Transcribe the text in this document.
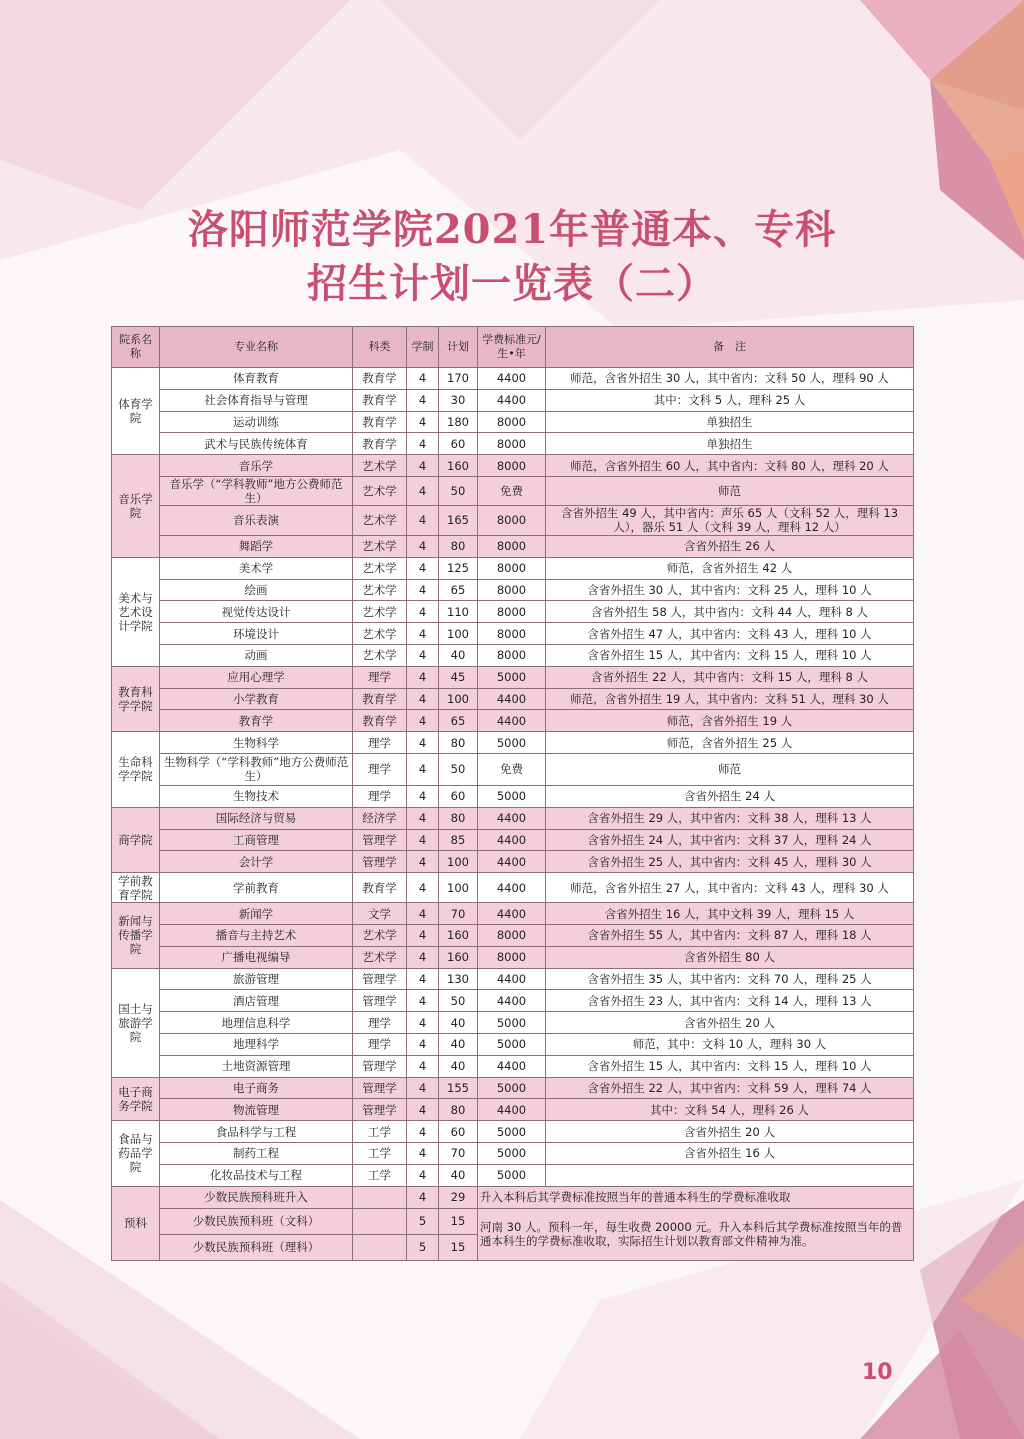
洛阳师范学院2021年普通本、专科
招生计划一览表（二）
院系名称	专业名称	科类	学制	计划	学费标准元/生•年	备　注
体育学院	体育教育	教育学	4	170	4400	师范，含省外招生 30 人，其中省内：文科 50 人，理科 90 人
	社会体育指导与管理	教育学	4	30	4400	其中：文科 5 人，理科 25 人
	运动训练	教育学	4	180	8000	单独招生
	武术与民族传统体育	教育学	4	60	8000	单独招生
音乐学院	音乐学	艺术学	4	160	8000	师范，含省外招生 60 人，其中省内：文科 80 人，理科 20 人
	音乐学（“学科教师”地方公费师范生）	艺术学	4	50	免费	师范
	音乐表演	艺术学	4	165	8000	含省外招生 49 人，其中省内：声乐 65 人（文科 52 人，理科 13 人），器乐 51 人（文科 39 人，理科 12 人）
	舞蹈学	艺术学	4	80	8000	含省外招生 26 人
美术与艺术设计学院	美术学	艺术学	4	125	8000	师范，含省外招生 42 人
	绘画	艺术学	4	65	8000	含省外招生 30 人，其中省内：文科 25 人，理科 10 人
	视觉传达设计	艺术学	4	110	8000	含省外招生 58 人，其中省内：文科 44 人，理科 8 人
	环境设计	艺术学	4	100	8000	含省外招生 47 人，其中省内：文科 43 人，理科 10 人
	动画	艺术学	4	40	8000	含省外招生 15 人，其中省内：文科 15 人，理科 10 人
教育科学学院	应用心理学	理学	4	45	5000	含省外招生 22 人，其中省内：文科 15 人，理科 8 人
	小学教育	教育学	4	100	4400	师范，含省外招生 19 人，其中省内：文科 51 人，理科 30 人
	教育学	教育学	4	65	4400	师范，含省外招生 19 人
生命科学学院	生物科学	理学	4	80	5000	师范，含省外招生 25 人
	生物科学（“学科教师”地方公费师范生）	理学	4	50	免费	师范
	生物技术	理学	4	60	5000	含省外招生 24 人
商学院	国际经济与贸易	经济学	4	80	4400	含省外招生 29 人，其中省内：文科 38 人，理科 13 人
	工商管理	管理学	4	85	4400	含省外招生 24 人，其中省内：文科 37 人，理科 24 人
	会计学	管理学	4	100	4400	含省外招生 25 人，其中省内：文科 45 人，理科 30 人
学前教育学院	学前教育	教育学	4	100	4400	师范，含省外招生 27 人，其中省内：文科 43 人，理科 30 人
新闻与传播学院	新闻学	文学	4	70	4400	含省外招生 16 人，其中文科 39 人，理科 15 人
	播音与主持艺术	艺术学	4	160	8000	含省外招生 55 人，其中省内：文科 87 人，理科 18 人
	广播电视编导	艺术学	4	160	8000	含省外招生 80 人
国土与旅游学院	旅游管理	管理学	4	130	4400	含省外招生 35 人，其中省内：文科 70 人，理科 25 人
	酒店管理	管理学	4	50	4400	含省外招生 23 人，其中省内：文科 14 人，理科 13 人
	地理信息科学	理学	4	40	5000	含省外招生 20 人
	地理科学	理学	4	40	5000	师范，其中：文科 10 人，理科 30 人
	土地资源管理	管理学	4	40	4400	含省外招生 15 人，其中省内：文科 15 人，理科 10 人
电子商务学院	电子商务	管理学	4	155	5000	含省外招生 22 人，其中省内：文科 59 人，理科 74 人
	物流管理	管理学	4	80	4400	其中：文科 54 人，理科 26 人
食品与药品学院	食品科学与工程	工学	4	60	5000	含省外招生 20 人
	制药工程	工学	4	70	5000	含省外招生 16 人
	化妆品技术与工程	工学	4	40	5000	
预科	少数民族预科班升入		4	29	升入本科后其学费标准按照当年的普通本科生的学费标准收取	
	少数民族预科班（文科）		5	15	河南 30 人。预科一年，每生收费 20000 元。升入本科后其学费标准按照当年的普通本科生的学费标准收取，实际招生计划以教育部文件精神为准。	
	少数民族预科班（理科）		5	15		
10
